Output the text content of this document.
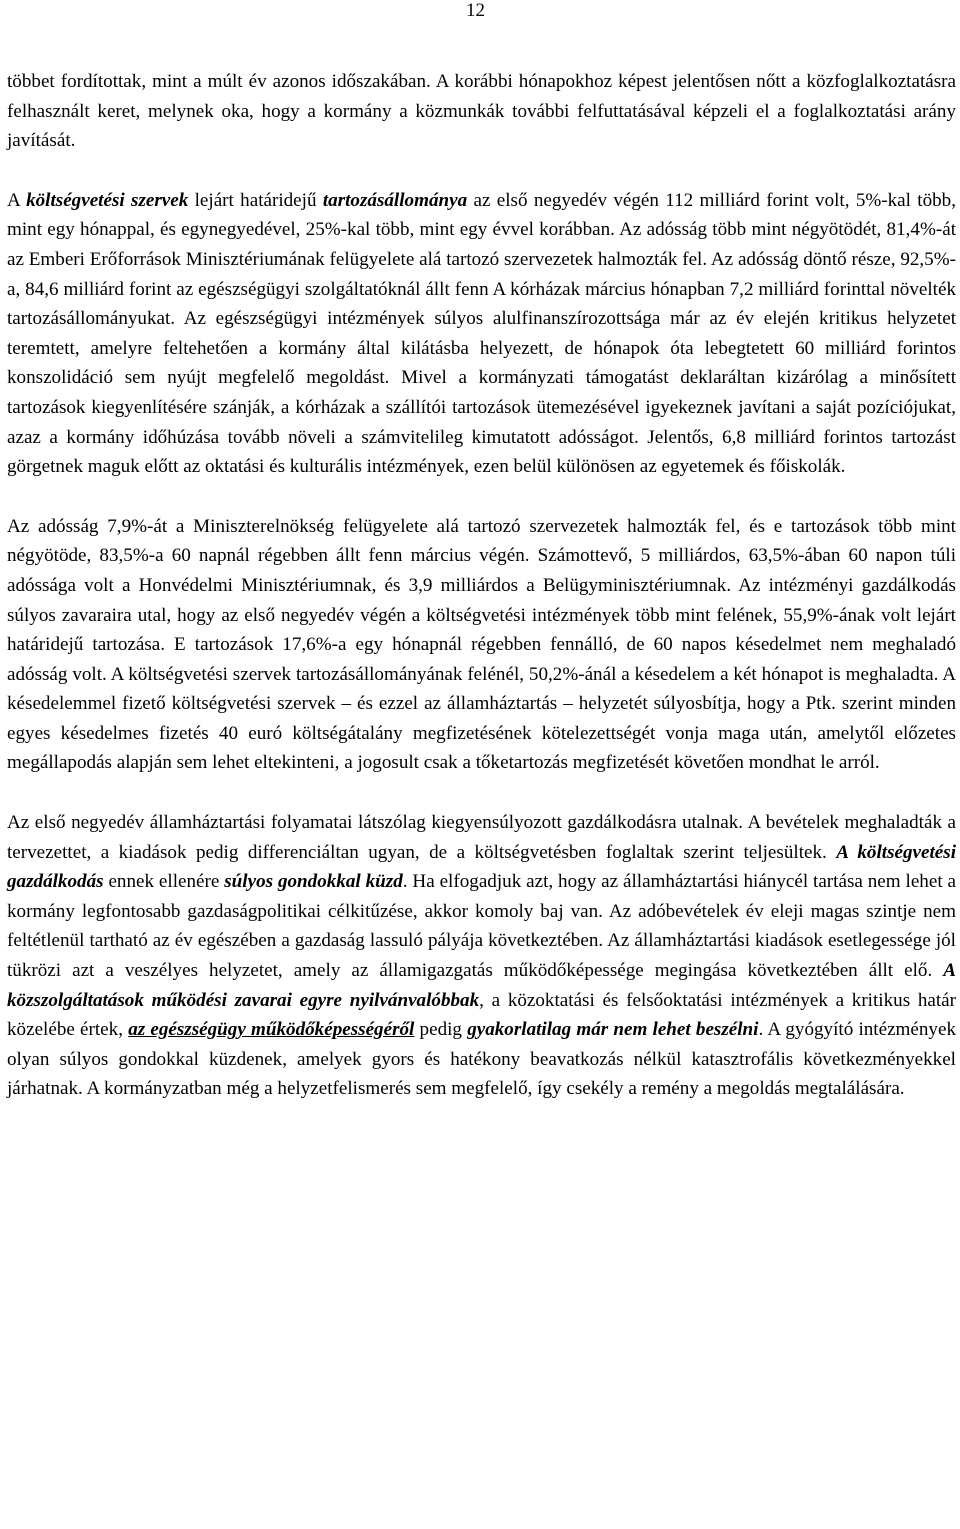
12

többet fordítottak, mint a múlt év azonos időszakában. A korábbi hónapokhoz képest jelentősen nőtt a közfoglalkoztatásra felhasznált keret, melynek oka, hogy a kormány a közmunkák további felfuttatásával képzeli el a foglalkoztatási arány javítását.

A költségvetési szervek lejárt határidejű tartozásállománya az első negyedév végén 112 milliárd forint volt, 5%-kal több, mint egy hónappal, és egynegyedével, 25%-kal több, mint egy évvel korábban. Az adósság több mint négyötödét, 81,4%-át az Emberi Erőforrások Minisztériumának felügyelete alá tartozó szervezetek halmozták fel. Az adósság döntő része, 92,5%-a, 84,6 milliárd forint az egészségügyi szolgáltatóknál állt fenn A kórházak március hónapban 7,2 milliárd forinttal növelték tartozásállományukat. Az egészségügyi intézmények súlyos alulfinanszírozottsága már az év elején kritikus helyzetet teremtett, amelyre feltehetően a kormány által kilátásba helyezett, de hónapok óta lebegtetett 60 milliárd forintos konszolidáció sem nyújt megfelelő megoldást. Mivel a kormányzati támogatást deklaráltan kizárólag a minősített tartozások kiegyenlítésére szánják, a kórházak a szállítói tartozások ütemezésével igyekeznek javítani a saját pozíciójukat, azaz a kormány időhúzása tovább növeli a számvitelileg kimutatott adósságot. Jelentős, 6,8 milliárd forintos tartozást görgetnek maguk előtt az oktatási és kulturális intézmények, ezen belül különösen az egyetemek és főiskolák.

Az adósság 7,9%-át a Miniszterelnökség felügyelete alá tartozó szervezetek halmozták fel, és e tartozások több mint négyötöde, 83,5%-a 60 napnál régebben állt fenn március végén. Számottevő, 5 milliárdos, 63,5%-ában 60 napon túli adóssága volt a Honvédelmi Minisztériumnak, és 3,9 milliárdos a Belügyminisztériumnak. Az intézményi gazdálkodás súlyos zavaraira utal, hogy az első negyedév végén a költségvetési intézmények több mint felének, 55,9%-ának volt lejárt határidejű tartozása. E tartozások 17,6%-a egy hónapnál régebben fennálló, de 60 napos késedelmet nem meghaladó adósság volt. A költségvetési szervek tartozásállományának felénél, 50,2%-ánál a késedelem a két hónapot is meghaladta. A késedelemmel fizető költségvetési szervek – és ezzel az államháztartás – helyzetét súlyosbítja, hogy a Ptk. szerint minden egyes késedelmes fizetés 40 euró költségátalány megfizetésének kötelezettségét vonja maga után, amelytől előzetes megállapodás alapján sem lehet eltekinteni, a jogosult csak a tőketartozás megfizetését követően mondhat le arról.

Az első negyedév államháztartási folyamatai látszólag kiegyensúlyozott gazdálkodásra utalnak. A bevételek meghaladták a tervezettet, a kiadások pedig differenciáltan ugyan, de a költségvetésben foglaltak szerint teljesültek. A költségvetési gazdálkodás ennek ellenére súlyos gondokkal küzd. Ha elfogadjuk azt, hogy az államháztartási hiánycél tartása nem lehet a kormány legfontosabb gazdaságpolitikai célkitűzése, akkor komoly baj van. Az adóbevételek év eleji magas szintje nem feltétlenül tartható az év egészében a gazdaság lassuló pályája következtében. Az államháztartási kiadások esetlegessége jól tükrözi azt a veszélyes helyzetet, amely az államigazgatás működőképessége megingása következtében állt elő. A közszolgáltatások működési zavarai egyre nyilvánvalóbbak, a közoktatási és felsőoktatási intézmények a kritikus határ közelébe értek, az egészségügy működőképességéről pedig gyakorlatilag már nem lehet beszélni. A gyógyító intézmények olyan súlyos gondokkal küzdenek, amelyek gyors és hatékony beavatkozás nélkül katasztrofális következményekkel járhatnak. A kormányzatban még a helyzetfelismerés sem megfelelő, így csekély a remény a megoldás megtalálására.
